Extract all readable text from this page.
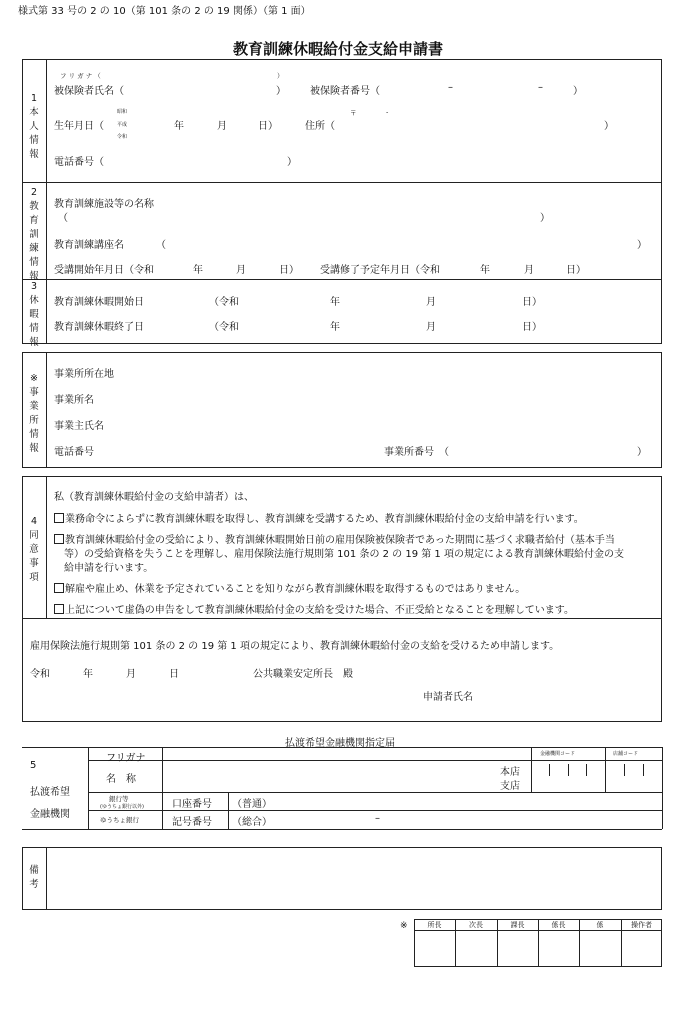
様式第 33 号の 2 の 10（第 101 条の 2 の 19 関係）（第 1 面）
教育訓練休暇給付金支給申請書
1
本
人
情
報
2
教
育
訓
練
情
報
3
休
暇
情
報
フ リ ガ ナ （	）
被保険者氏名（	） 被保険者番号（	–	–	）
生年月日（
昭和
平成
令和
年	月	日）
〒	-
住所（	）
電話番号（	）
教育訓練施設等の名称
（	）
教育訓練講座名	（	）
受講開始年月日（令和	年	月	日） 受講修了予定年月日（令和	年	月	日）
教育訓練休暇開始日	（令和	年	月	日）
教育訓練休暇終了日	（令和	年	月	日）
※
事
業
所
情
報
事業所所在地
事業所名
事業主氏名
電話番号	事業所番号　（	）
4
同
意
事
項
私（教育訓練休暇給付金の支給申請者）は、
業務命令によらずに教育訓練休暇を取得し、教育訓練を受講するため、教育訓練休暇給付金の支給申請を行います。
教育訓練休暇給付金の受給により、教育訓練休暇開始日前の雇用保険被保険者であった期間に基づく求職者給付（基本手当
等）の受給資格を失うことを理解し、雇用保険法施行規則第 101 条の 2 の 19 第 1 項の規定による教育訓練休暇給付金の支
給申請を行います。
解雇や雇止め、休業を予定されていることを知りながら教育訓練休暇を取得するものではありません。
上記について虚偽の申告をして教育訓練休暇給付金の支給を受けた場合、不正受給となることを理解しています。
雇用保険法施行規則第 101 条の 2 の 19 第 1 項の規定により、教育訓練休暇給付金の支給を受けるため申請します。
令和	年	月	日	公共職業安定所長　殿
申請者氏名
払渡希望金融機関指定届
5
払渡希望
金融機関
フリガナ
名　称
銀行等
(ゆうちょ銀行以外)
ゆうちょ銀行
本店
支店
金融機関コード	店舗コード
口座番号 （普通）
記号番号 （総合）	–
備
考
※	所長	次長	課長	係長	係	操作者
